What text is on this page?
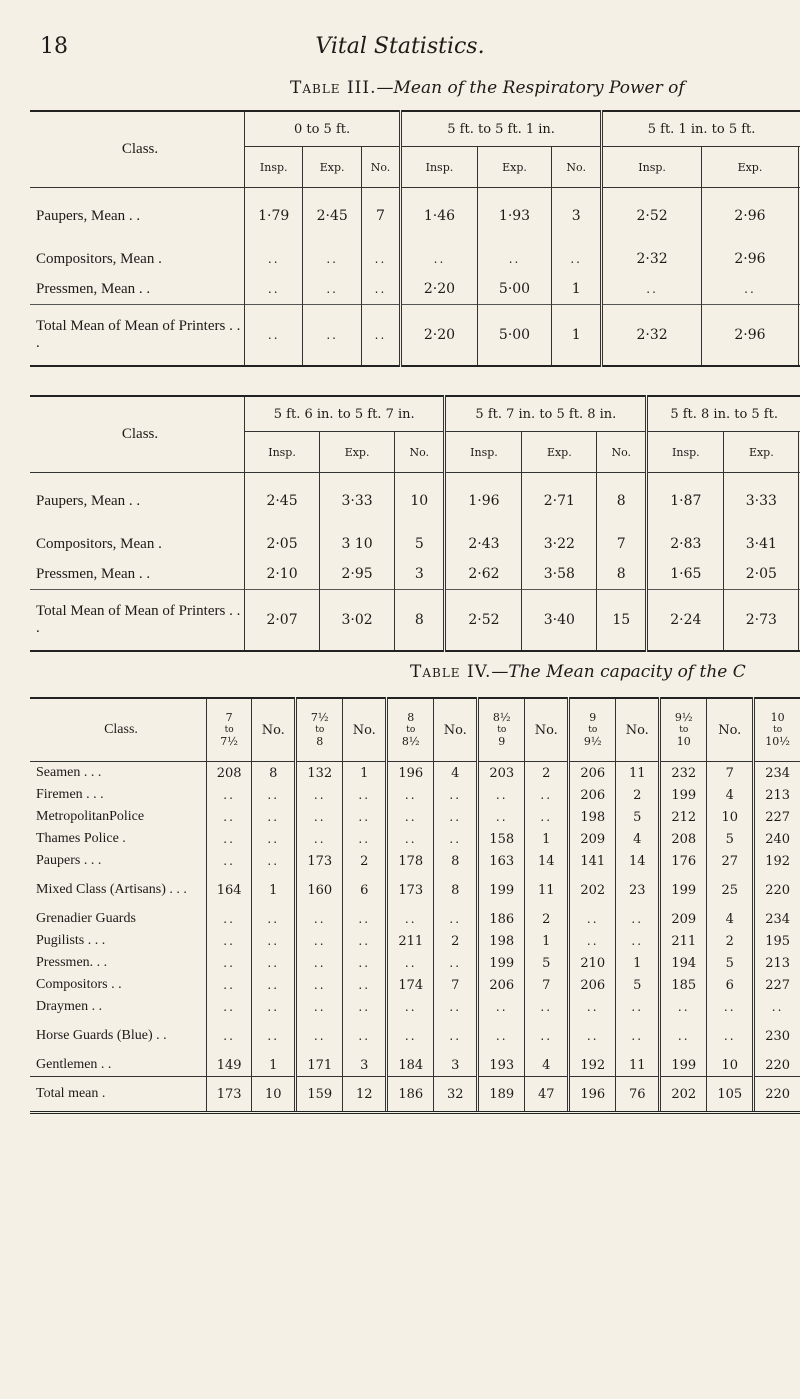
18	Vital Statistics.
Table III.—Mean of the Respiratory Power of
Class.	0 to 5 ft.			5 ft. to 5 ft. 1 in.			5 ft. 1 in. to 5 ft.		
	Insp.	Exp.	No.	Insp.	Exp.	No.	Insp.	Exp.	
Paupers, Mean . .	1·79	2·45	7	1·46	1·93	3	2·52	2·96	
Compositors, Mean .	..	..	..	..	..	..	2·32	2·96	
Pressmen, Mean . .	..	..	..	2·20	5·00	1	..	..	
Total Mean of Mean of Printers . . .	..	..	..	2·20	5·00	1	2·32	2·96	
Class.	5 ft. 6 in. to 5 ft. 7 in.			5 ft. 7 in. to 5 ft. 8 in.			5 ft. 8 in. to 5 ft.		
	Insp.	Exp.	No.	Insp.	Exp.	No.	Insp.	Exp.	
Paupers, Mean . .	2·45	3·33	10	1·96	2·71	8	1·87	3·33	
Compositors, Mean .	2·05	3 10	5	2·43	3·22	7	2·83	3·41	
Pressmen, Mean . .	2·10	2·95	3	2·62	3·58	8	1·65	2·05	
Total Mean of Mean of Printers . . .	2·07	3·02	8	2·52	3·40	15	2·24	2·73	
Table IV.—The Mean capacity of the C
Class.	7
to
7½	No.	7½
to
8	No.	8
to
8½	No.	8½
to
9	No.	9
to
9½	No.	9½
to
10	No.	10
to
10½

Seamen . . .	208	8	132	1	196	4	203	2	206	11	232	7	234
Firemen . . .	..	..	..	..	..	..	..	..	206	2	199	4	213
MetropolitanPolice	..	..	..	..	..	..	..	..	198	5	212	10	227
Thames Police .	..	..	..	..	..	..	158	1	209	4	208	5	240
Paupers . . .	..	..	173	2	178	8	163	14	141	14	176	27	192
Mixed Class (Artisans) . . .	164	1	160	6	173	8	199	11	202	23	199	25	220
Grenadier Guards	..	..	..	..	..	..	186	2	..	..	209	4	234
Pugilists . . .	..	..	..	..	211	2	198	1	..	..	211	2	195
Pressmen. . .	..	..	..	..	..	..	199	5	210	1	194	5	213
Compositors . .	..	..	..	..	174	7	206	7	206	5	185	6	227
Draymen . .	..	..	..	..	..	..	..	..	..	..	..	..	..
Horse Guards (Blue) . .	..	..	..	..	..	..	..	..	..	..	..	..	230
Gentlemen . .	149	1	171	3	184	3	193	4	192	11	199	10	220
Total mean .	173	10	159	12	186	32	189	47	196	76	202	105	220
